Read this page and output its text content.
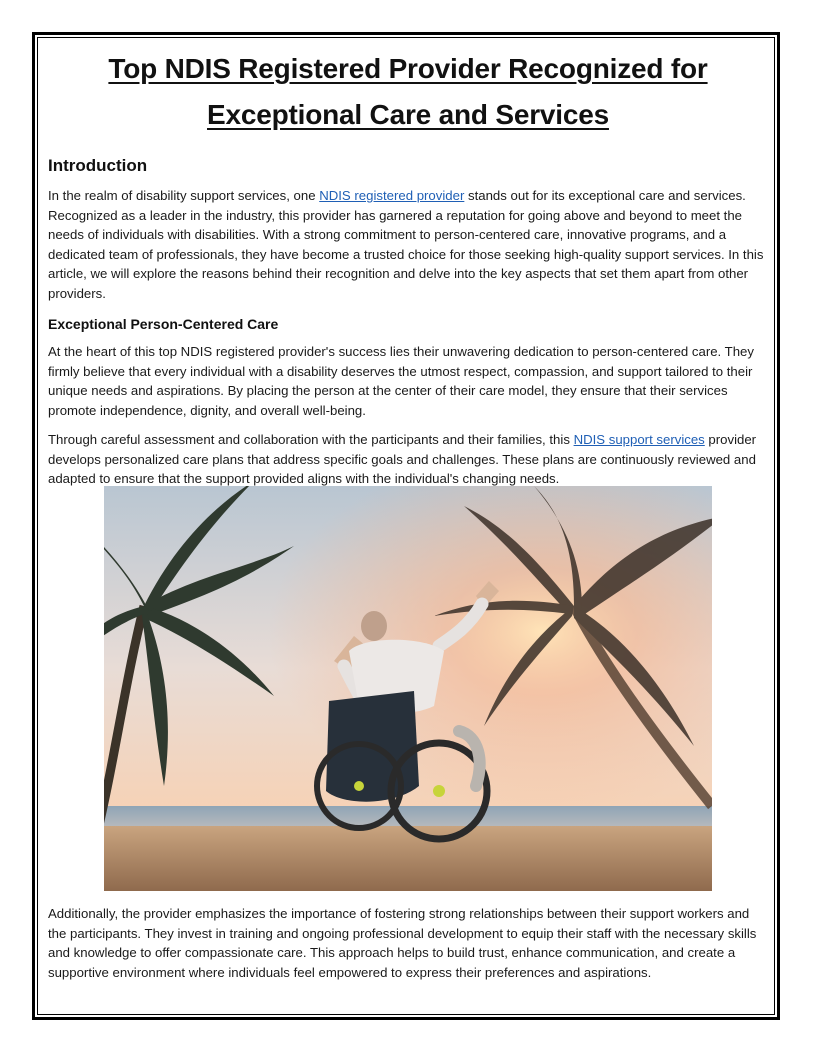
Top NDIS Registered Provider Recognized for Exceptional Care and Services
Introduction

In the realm of disability support services, one NDIS registered provider stands out for its exceptional care and services. Recognized as a leader in the industry, this provider has garnered a reputation for going above and beyond to meet the needs of individuals with disabilities. With a strong commitment to person-centered care, innovative programs, and a dedicated team of professionals, they have become a trusted choice for those seeking high-quality support services. In this article, we will explore the reasons behind their recognition and delve into the key aspects that set them apart from other providers.

Exceptional Person-Centered Care

At the heart of this top NDIS registered provider's success lies their unwavering dedication to person-centered care. They firmly believe that every individual with a disability deserves the utmost respect, compassion, and support tailored to their unique needs and aspirations. By placing the person at the center of their care model, they ensure that their services promote independence, dignity, and overall well-being.

Through careful assessment and collaboration with the participants and their families, this NDIS support services provider develops personalized care plans that address specific goals and challenges. These plans are continuously reviewed and adapted to ensure that the support provided aligns with the individual's changing needs.

Additionally, the provider emphasizes the importance of fostering strong relationships between their support workers and the participants. They invest in training and ongoing professional development to equip their staff with the necessary skills and knowledge to offer compassionate care. This approach helps to build trust, enhance communication, and create a supportive environment where individuals feel empowered to express their preferences and aspirations.
